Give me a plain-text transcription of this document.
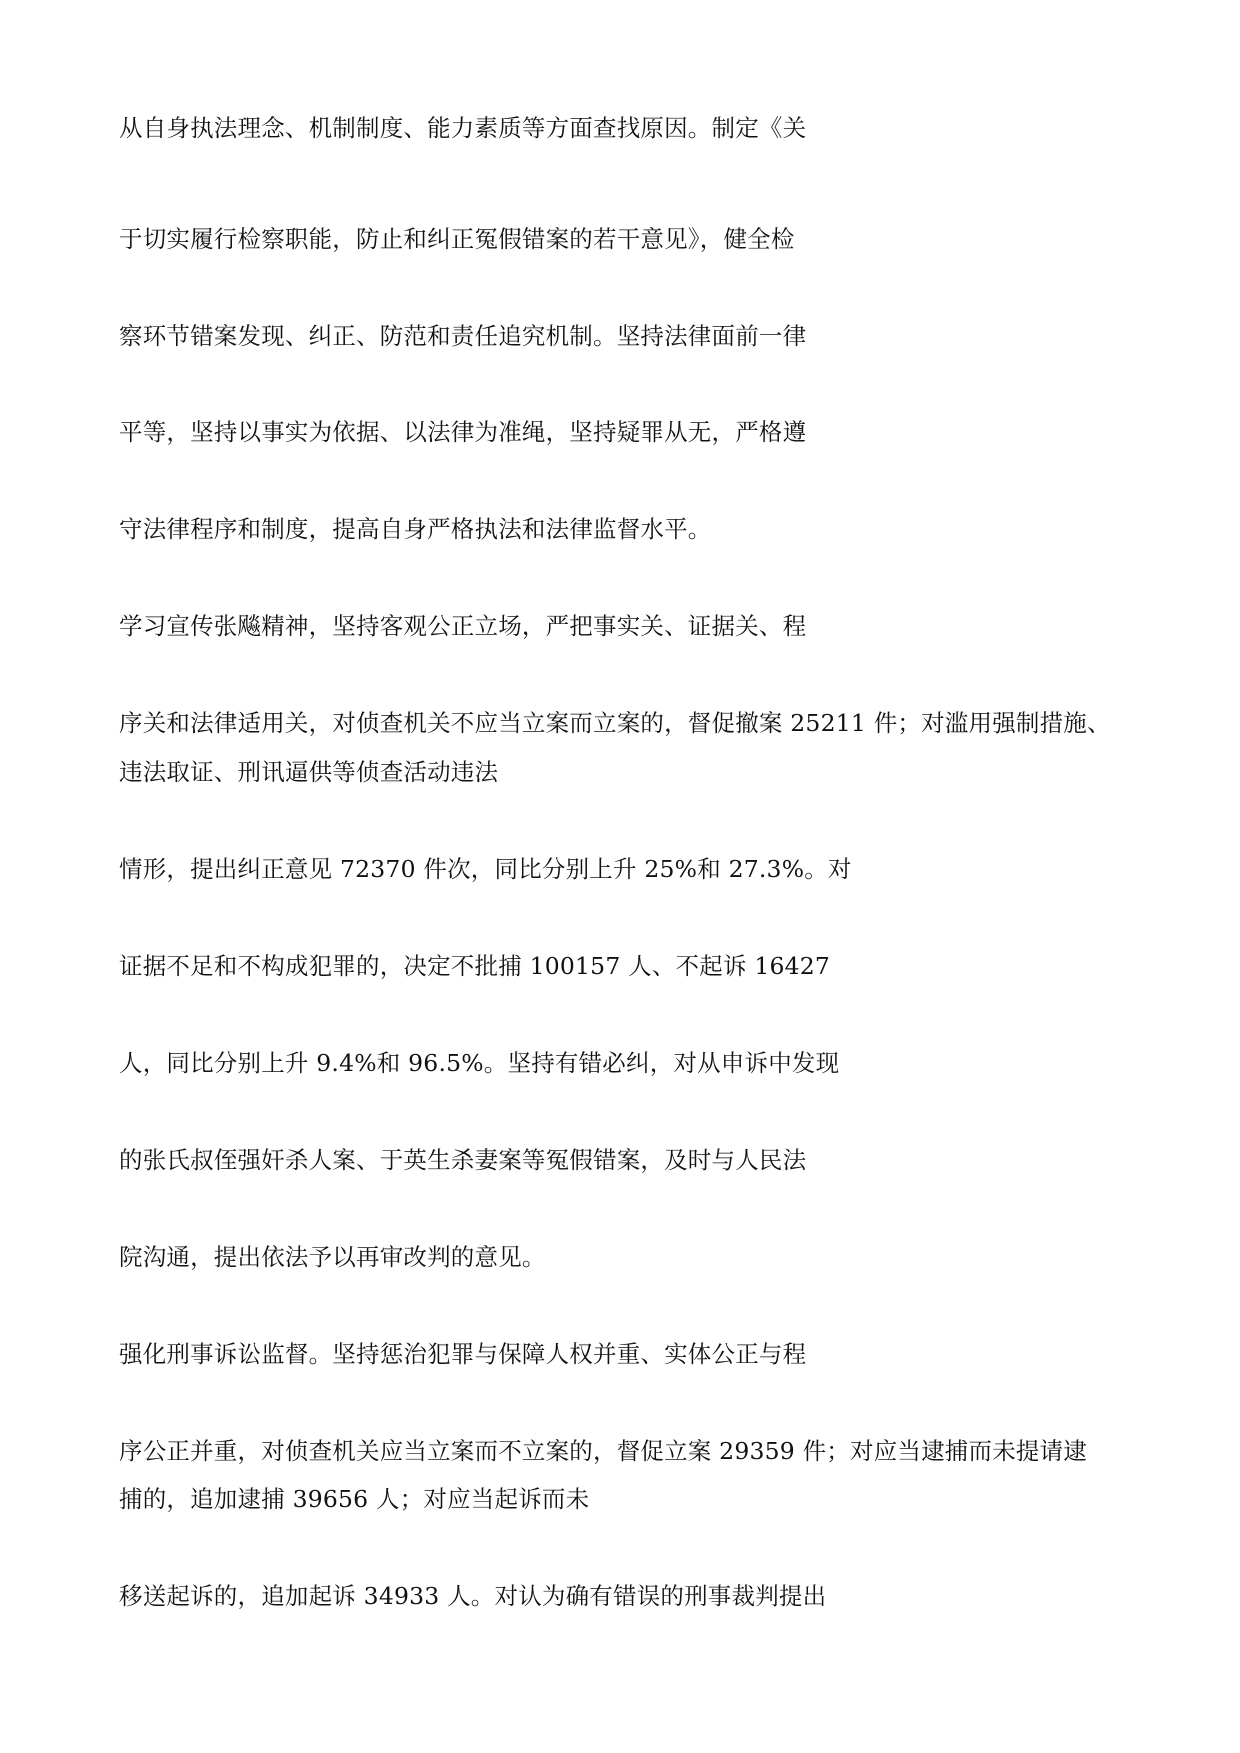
从自身执法理念、机制制度、能力素质等方面查找原因。制定《关
于切实履行检察职能，防止和纠正冤假错案的若干意见》，健全检
察环节错案发现、纠正、防范和责任追究机制。坚持法律面前一律
平等，坚持以事实为依据、以法律为准绳，坚持疑罪从无，严格遵
守法律程序和制度，提高自身严格执法和法律监督水平。
学习宣传张飚精神，坚持客观公正立场，严把事实关、证据关、程
序关和法律适用关，对侦查机关不应当立案而立案的，督促撤案 25211 件；对滥用强制措施、
违法取证、刑讯逼供等侦查活动违法
情形，提出纠正意见 72370 件次，同比分别上升 25%和 27.3%。对
证据不足和不构成犯罪的，决定不批捕 100157 人、不起诉 16427
人，同比分别上升 9.4%和 96.5%。坚持有错必纠，对从申诉中发现
的张氏叔侄强奸杀人案、于英生杀妻案等冤假错案，及时与人民法
院沟通，提出依法予以再审改判的意见。
强化刑事诉讼监督。坚持惩治犯罪与保障人权并重、实体公正与程
序公正并重，对侦查机关应当立案而不立案的，督促立案 29359 件；对应当逮捕而未提请逮
捕的，追加逮捕 39656 人；对应当起诉而未
移送起诉的，追加起诉 34933 人。对认为确有错误的刑事裁判提出
